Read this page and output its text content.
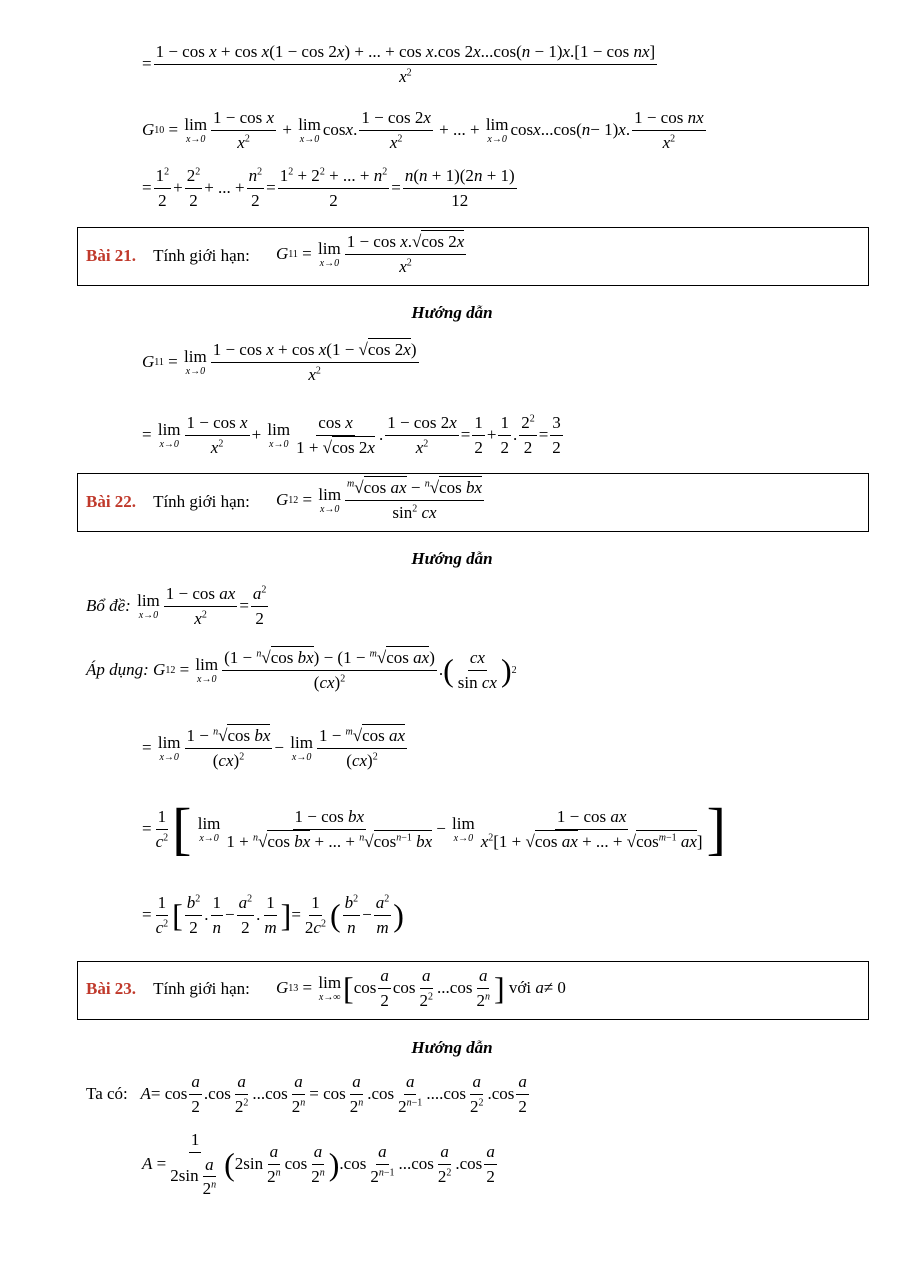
=
1 − cos x + cos x(1 − cos 2x) + ... + cos x.cos 2x...cos(n − 1)x.[1 − cos nx]
$x^2$
G 10 = lim
x→0
1 − cos x
$x^2 + \lim$
x→0 cos x .
1 − cos 2x
$x^2$ + ... + lim
x→0 cos x ...cos( n − 1) x .
1 − cos nx
$x^2$
=
$1^2$
2
+
$2^2$
2
+ ... +
$n^2$
2
=
$1^2 + 2^2$ + ... + $n^2$
2
=
n(n + 1)(2n + 1)
12
Bài 21. Tính giới hạn: G 11 = lim
x→0
1 − cos x.√cos 2x
$x^2$
Hướng dẫn
G 11 = lim
x→0
1 − cos x + cos x(1 − √cos 2x)
$x^2$
= lim
x→0
1 − cos x
$x^2 + \lim$
x→0
cos x
1 + √cos 2x
.
1 − cos 2x
$x^2$ =
1
2
+
1
2
.
$2^2$
2
=
3
2
Bài 22. Tính giới hạn: G 12 = lim
x→0
$^m$√cos ax − $^n$√cos bx
$\sin^2$ cx
Hướng dẫn
Bổ đề:
lim
x→0
1 − cos ax
$x^2$ =
$a^2$
2
Áp dụng:
G 12 = lim
x→0
(1 − $^n$√cos bx) − (1 − $^m$√cos ax)
(cx)$^2$	. ( cx
sin cx ) 2
= lim
x→0
1 − $^n$√cos bx
(cx)$^2$ − lim
x→0
1 − $^m$√cos ax
(cx)$^2$
=
1
$c^2$ [
lim
x→0
1 − cos bx
1 + $^n$√cos bx + ... + $^n√\cos^{n-1}$ bx
− lim
x→0
1 − cos ax
$x^2[1 + √\cos$ ax + ... + $√\cos^{m-1}$ ax] ]
=
1
$c^2$ [ $b^2$
2
.
1
n
−
$a^2$
2
.
1
m ] =
1
$2c^2$ ( $b^2$
n
−
$a^2$
m )
Bài 23. Tính giới hạn: G 13 = lim
x→∞ [ cos
a
2
cos
a
$2^2$ ...cos
a
2$^n$ ]
với
a ≠ 0
Hướng dẫn
Ta có:
A = cos
a
2
.cos
a
$2^2$ ...cos
a
$2^n = \cos$
a
2$^n$ .cos
a
$2^{n-1}$ ....cos
a
$2^2$ .cos
a
2
A =
1
$2\sin \frac{a}{2^n}$ ( 2sin
a
2$^n$ cos
a
2$^n$ ) .cos
a
$2^{n-1}$ ...cos
a
$2^2$ .cos
a
2
